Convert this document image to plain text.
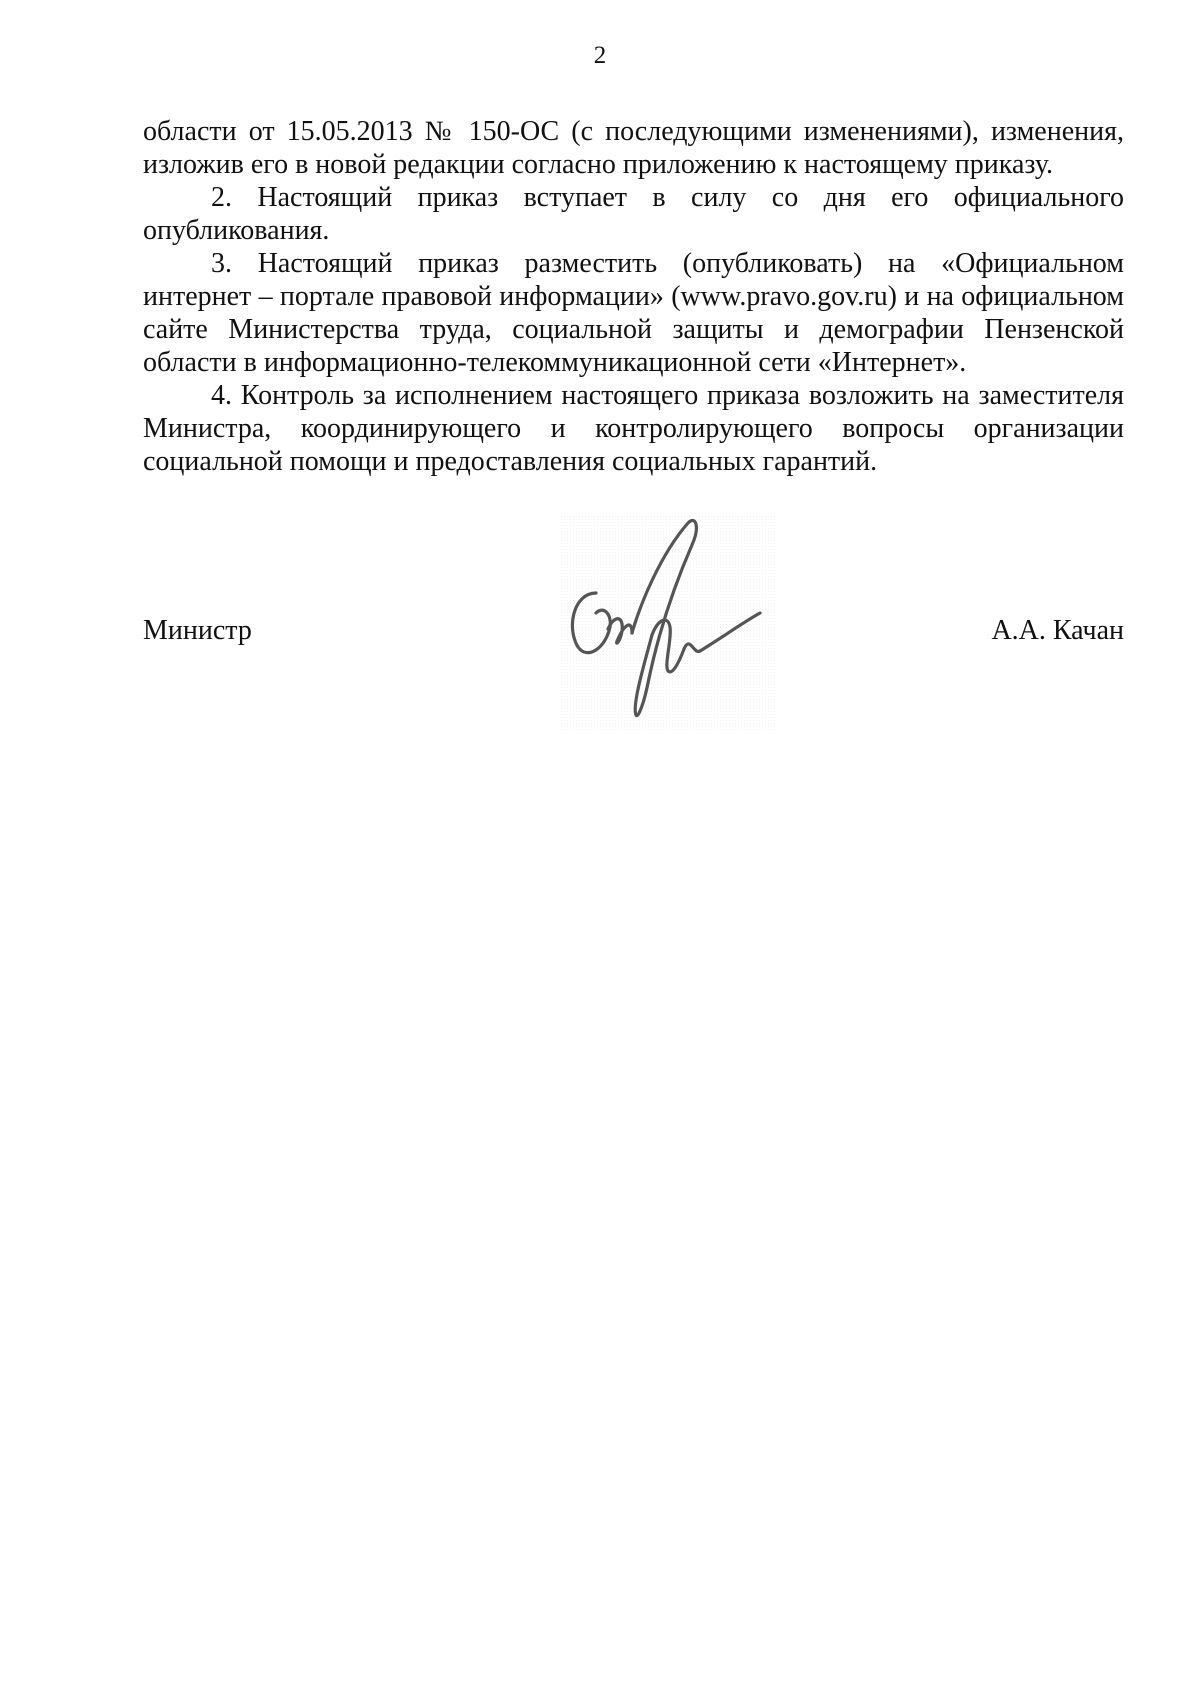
2

области от 15.05.2013 № 150-ОС (с последующими изменениями), изменения, изложив его в новой редакции согласно приложению к настоящему приказу.

2. Настоящий приказ вступает в силу со дня его официального опубликования.

3. Настоящий приказ разместить (опубликовать) на «Официальном интернет – портале правовой информации» (www.pravo.gov.ru) и на официальном сайте Министерства труда, социальной защиты и демографии Пензенской области в информационно-телекоммуникационной сети «Интернет».

4. Контроль за исполнением настоящего приказа возложить на заместителя Министра, координирующего и контролирующего вопросы организации социальной помощи и предоставления социальных гарантий.

Министр	А.А. Качан
